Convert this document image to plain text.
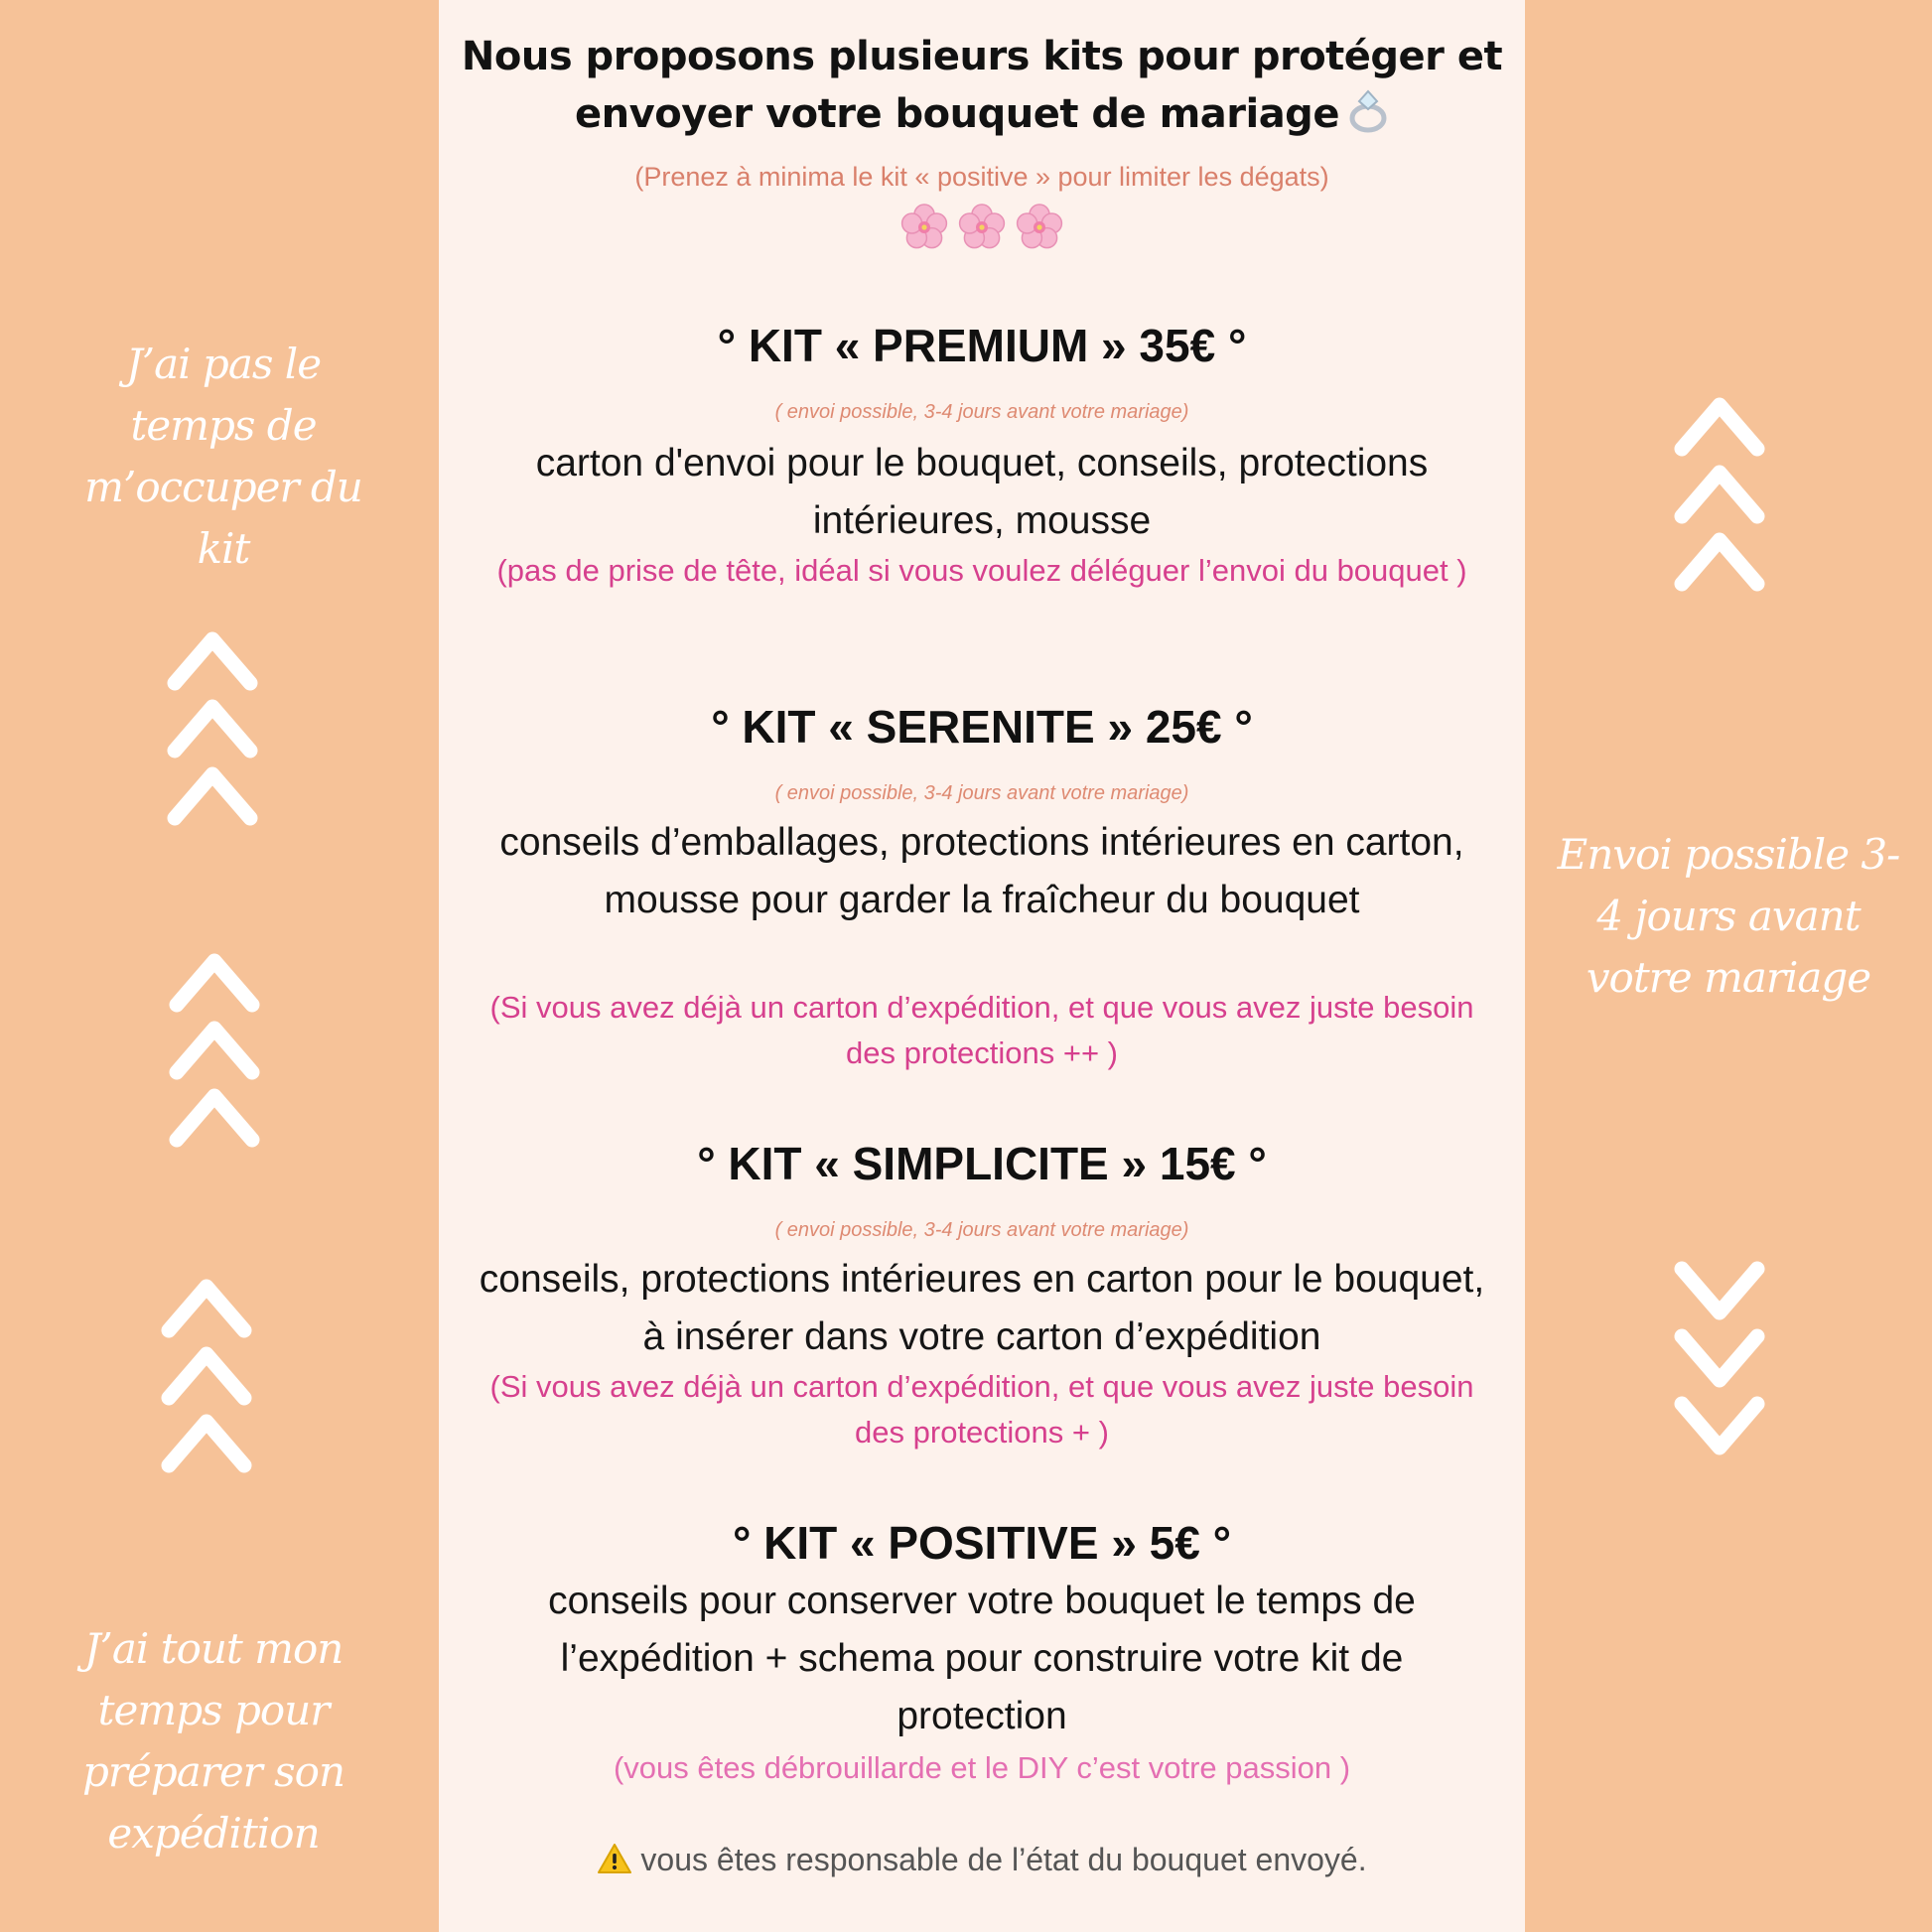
J’ai pas le temps de m’occuper du kit
J’ai tout mon temps pour préparer son expédition
Envoi possible 3-4 jours avant votre mariage
Nous proposons plusieurs kits pour protéger et envoyer votre bouquet de mariage
(Prenez à minima le kit « positive » pour limiter les dégats)
° KIT « PREMIUM » 35€ °
( envoi possible, 3-4 jours avant votre mariage)
carton d'envoi pour le bouquet, conseils, protections intérieures, mousse
(pas de prise de tête, idéal si vous voulez déléguer l’envoi du bouquet )
° KIT « SERENITE » 25€ °
( envoi possible, 3-4 jours avant votre mariage)
conseils d’emballages, protections intérieures en carton, mousse pour garder la fraîcheur du bouquet
(Si vous avez déjà un carton d’expédition, et que vous avez juste besoin des protections ++ )
° KIT « SIMPLICITE » 15€ °
( envoi possible, 3-4 jours avant votre mariage)
conseils, protections intérieures en carton pour le bouquet, à insérer dans votre carton d’expédition
(Si vous avez déjà un carton d’expédition, et que vous avez juste besoin des protections + )
° KIT « POSITIVE » 5€ °
conseils pour conserver votre bouquet le temps de l’expédition + schema pour construire votre kit de protection
(vous êtes débrouillarde et le DIY c’est votre passion )
vous êtes responsable de l’état du bouquet envoyé.
